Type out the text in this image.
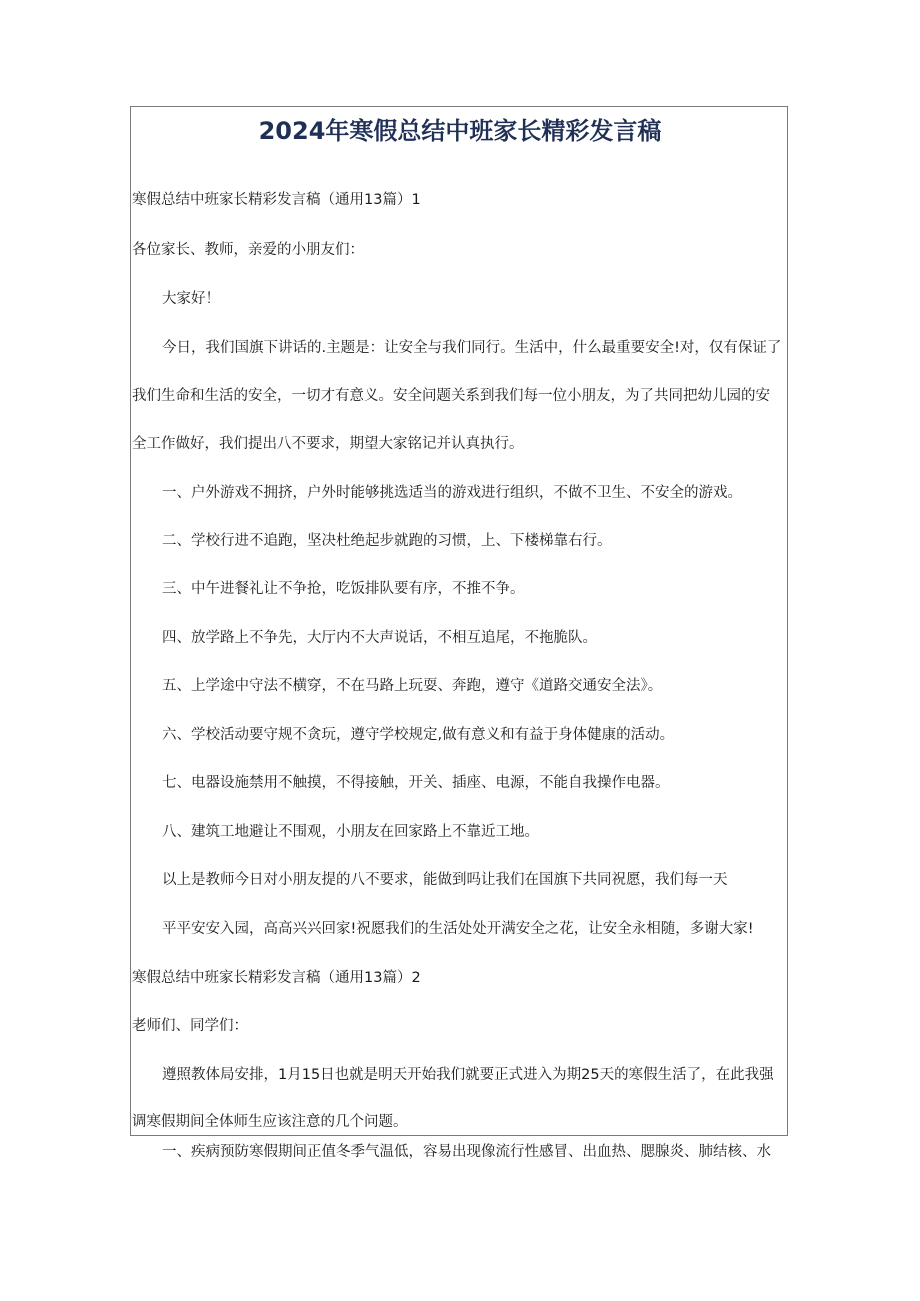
2024年寒假总结中班家长精彩发言稿
寒假总结中班家长精彩发言稿（通用13篇）1
各位家长、教师，亲爱的小朋友们：
大家好！
今日，我们国旗下讲话的.主题是：让安全与我们同行。生活中，什么最重要安全!对，仅有保证了
我们生命和生活的安全，一切才有意义。安全问题关系到我们每一位小朋友，为了共同把幼儿园的安
全工作做好，我们提出八不要求，期望大家铭记并认真执行。
一、户外游戏不拥挤，户外时能够挑选适当的游戏进行组织，不做不卫生、不安全的游戏。
二、学校行进不追跑，坚决杜绝起步就跑的习惯，上、下楼梯靠右行。
三、中午进餐礼让不争抢，吃饭排队要有序，不推不争。
四、放学路上不争先，大厅内不大声说话，不相互追尾，不拖脆队。
五、上学途中守法不横穿，不在马路上玩耍、奔跑，遵守《道路交通安全法》。
六、学校活动要守规不贪玩，遵守学校规定,做有意义和有益于身体健康的活动。
七、电器设施禁用不触摸，不得接触，开关、插座、电源，不能自我操作电器。
八、建筑工地避让不围观，小朋友在回家路上不靠近工地。
以上是教师今日对小朋友提的八不要求，能做到吗让我们在国旗下共同祝愿，我们每一天
平平安安入园，高高兴兴回家!祝愿我们的生活处处开满安全之花，让安全永相随，多谢大家!
寒假总结中班家长精彩发言稿（通用13篇）2
老师们、同学们：
遵照教体局安排，1月15日也就是明天开始我们就要正式进入为期25天的寒假生活了，在此我强
调寒假期间全体师生应该注意的几个问题。
一、疾病预防寒假期间正值冬季气温低，容易出现像流行性感冒、出血热、腮腺炎、肺结核、水
